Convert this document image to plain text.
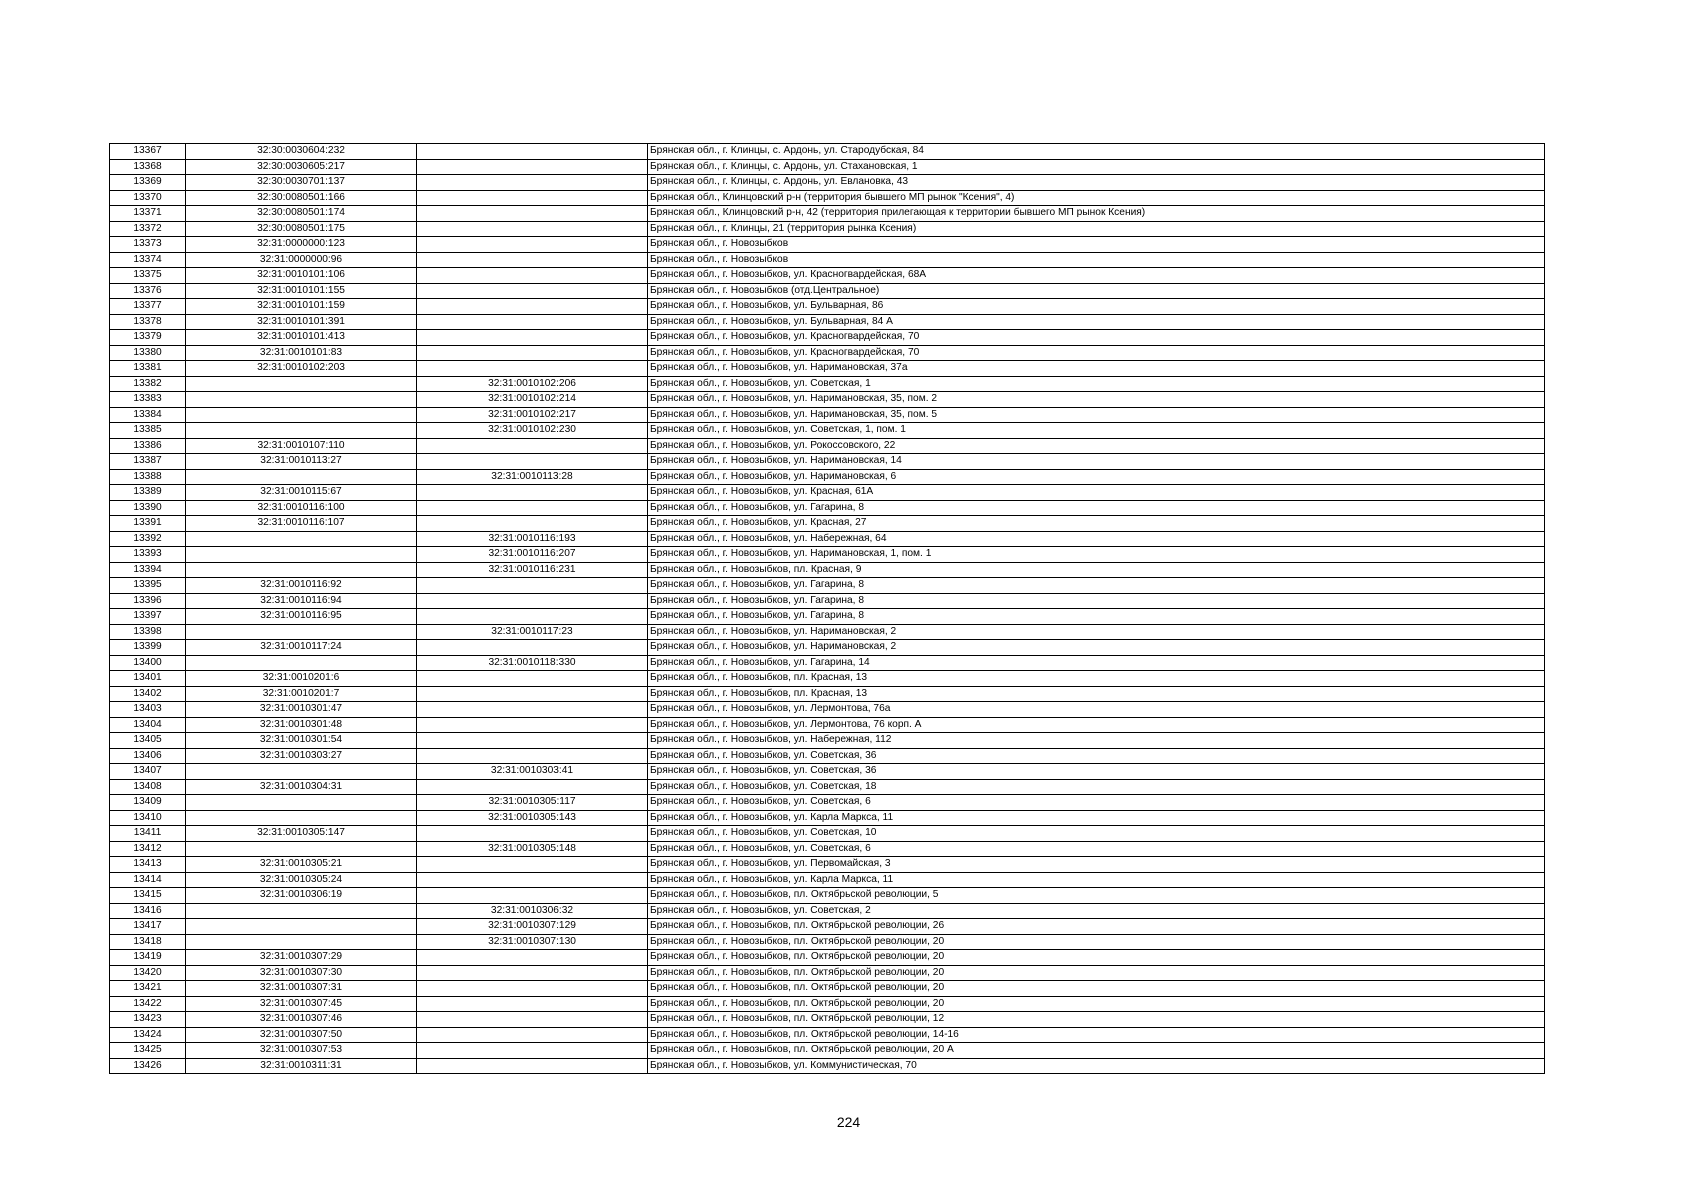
13367	32:30:0030604:232		Брянская обл., г. Клинцы, с. Ардонь, ул. Стародубская, 84
13368	32:30:0030605:217		Брянская обл., г. Клинцы, с. Ардонь, ул. Стахановская, 1
13369	32:30:0030701:137		Брянская обл., г. Клинцы, с. Ардонь, ул. Евлановка, 43
13370	32:30:0080501:166		Брянская обл., Клинцовский р-н (территория бывшего МП рынок "Ксения", 4)
13371	32:30:0080501:174		Брянская обл., Клинцовский р-н, 42 (территория прилегающая к территории бывшего МП рынок Ксения)
13372	32:30:0080501:175		Брянская обл., г. Клинцы, 21 (территория рынка Ксения)
13373	32:31:0000000:123		Брянская обл., г. Новозыбков
13374	32:31:0000000:96		Брянская обл., г. Новозыбков
13375	32:31:0010101:106		Брянская обл., г. Новозыбков, ул. Красногвардейская, 68А
13376	32:31:0010101:155		Брянская обл., г. Новозыбков (отд.Центральное)
13377	32:31:0010101:159		Брянская обл., г. Новозыбков, ул. Бульварная, 86
13378	32:31:0010101:391		Брянская обл., г. Новозыбков, ул. Бульварная, 84 А
13379	32:31:0010101:413		Брянская обл., г. Новозыбков, ул. Красногвардейская, 70
13380	32:31:0010101:83		Брянская обл., г. Новозыбков, ул. Красногвардейская, 70
13381	32:31:0010102:203		Брянская обл., г. Новозыбков, ул. Наримановская, 37а
13382		32:31:0010102:206	Брянская обл., г. Новозыбков, ул. Советская, 1
13383		32:31:0010102:214	Брянская обл., г. Новозыбков, ул. Наримановская, 35, пом. 2
13384		32:31:0010102:217	Брянская обл., г. Новозыбков, ул. Наримановская, 35, пом. 5
13385		32:31:0010102:230	Брянская обл., г. Новозыбков, ул. Советская, 1, пом. 1
13386	32:31:0010107:110		Брянская обл., г. Новозыбков, ул. Рокоссовского, 22
13387	32:31:0010113:27		Брянская обл., г. Новозыбков, ул. Наримановская, 14
13388		32:31:0010113:28	Брянская обл., г. Новозыбков, ул. Наримановская, 6
13389	32:31:0010115:67		Брянская обл., г. Новозыбков, ул. Красная, 61А
13390	32:31:0010116:100		Брянская обл., г. Новозыбков, ул. Гагарина, 8
13391	32:31:0010116:107		Брянская обл., г. Новозыбков, ул. Красная, 27
13392		32:31:0010116:193	Брянская обл., г. Новозыбков, ул. Набережная, 64
13393		32:31:0010116:207	Брянская обл., г. Новозыбков, ул. Наримановская, 1, пом. 1
13394		32:31:0010116:231	Брянская обл., г. Новозыбков, пл. Красная, 9
13395	32:31:0010116:92		Брянская обл., г. Новозыбков, ул. Гагарина, 8
13396	32:31:0010116:94		Брянская обл., г. Новозыбков, ул. Гагарина, 8
13397	32:31:0010116:95		Брянская обл., г. Новозыбков, ул. Гагарина, 8
13398		32:31:0010117:23	Брянская обл., г. Новозыбков, ул. Наримановская, 2
13399	32:31:0010117:24		Брянская обл., г. Новозыбков, ул. Наримановская, 2
13400		32:31:0010118:330	Брянская обл., г. Новозыбков, ул. Гагарина, 14
13401	32:31:0010201:6		Брянская обл., г. Новозыбков, пл. Красная, 13
13402	32:31:0010201:7		Брянская обл., г. Новозыбков, пл. Красная, 13
13403	32:31:0010301:47		Брянская обл., г. Новозыбков, ул. Лермонтова, 76а
13404	32:31:0010301:48		Брянская обл., г. Новозыбков, ул. Лермонтова, 76 корп. А
13405	32:31:0010301:54		Брянская обл., г. Новозыбков, ул. Набережная, 112
13406	32:31:0010303:27		Брянская обл., г. Новозыбков, ул. Советская, 36
13407		32:31:0010303:41	Брянская обл., г. Новозыбков, ул. Советская, 36
13408	32:31:0010304:31		Брянская обл., г. Новозыбков, ул. Советская, 18
13409		32:31:0010305:117	Брянская обл., г. Новозыбков, ул. Советская, 6
13410		32:31:0010305:143	Брянская обл., г. Новозыбков, ул. Карла Маркса, 11
13411	32:31:0010305:147		Брянская обл., г. Новозыбков, ул. Советская, 10
13412		32:31:0010305:148	Брянская обл., г. Новозыбков, ул. Советская, 6
13413	32:31:0010305:21		Брянская обл., г. Новозыбков, ул. Первомайская, 3
13414	32:31:0010305:24		Брянская обл., г. Новозыбков, ул. Карла Маркса, 11
13415	32:31:0010306:19		Брянская обл., г. Новозыбков, пл. Октябрьской революции, 5
13416		32:31:0010306:32	Брянская обл., г. Новозыбков, ул. Советская, 2
13417		32:31:0010307:129	Брянская обл., г. Новозыбков, пл. Октябрьской революции, 26
13418		32:31:0010307:130	Брянская обл., г. Новозыбков, пл. Октябрьской революции, 20
13419	32:31:0010307:29		Брянская обл., г. Новозыбков, пл. Октябрьской революции, 20
13420	32:31:0010307:30		Брянская обл., г. Новозыбков, пл. Октябрьской революции, 20
13421	32:31:0010307:31		Брянская обл., г. Новозыбков, пл. Октябрьской революции, 20
13422	32:31:0010307:45		Брянская обл., г. Новозыбков, пл. Октябрьской революции, 20
13423	32:31:0010307:46		Брянская обл., г. Новозыбков, пл. Октябрьской революции, 12
13424	32:31:0010307:50		Брянская обл., г. Новозыбков, пл. Октябрьской революции, 14-16
13425	32:31:0010307:53		Брянская обл., г. Новозыбков, пл. Октябрьской революции, 20 А
13426	32:31:0010311:31		Брянская обл., г. Новозыбков, ул. Коммунистическая, 70
224
